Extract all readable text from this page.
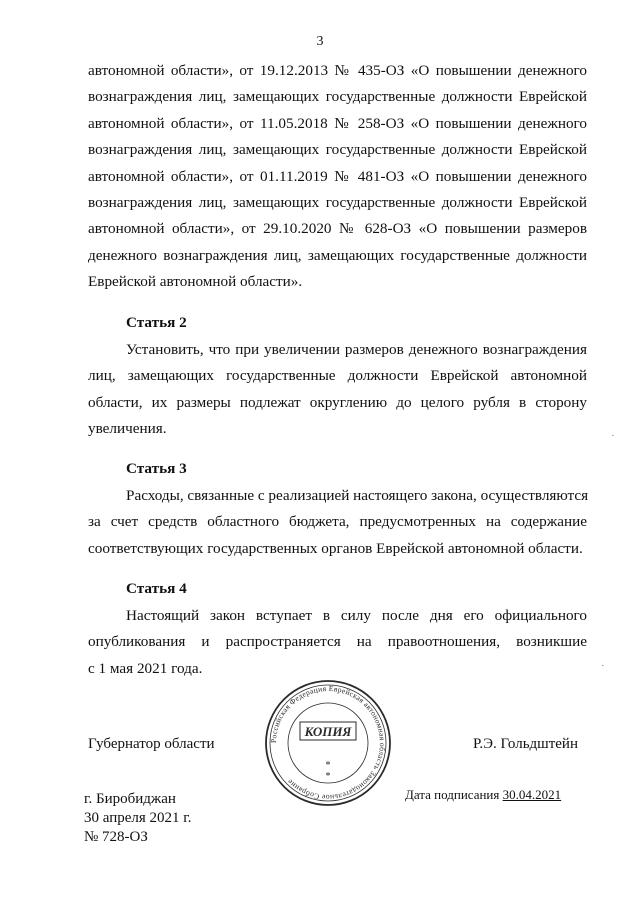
3
автономной области», от 19.12.2013 № 435-ОЗ «О повышении денежного
вознаграждения лиц, замещающих государственные должности Еврейской
автономной области», от 11.05.2018 № 258-ОЗ «О повышении денежного
вознаграждения лиц, замещающих государственные должности Еврейской
автономной области», от 01.11.2019 № 481-ОЗ «О повышении денежного
вознаграждения лиц, замещающих государственные должности Еврейской
автономной области», от 29.10.2020 № 628-ОЗ «О повышении размеров
денежного вознаграждения лиц, замещающих государственные должности
Еврейской автономной области».

Статья 2

Установить, что при увеличении размеров денежного вознаграждения
лиц, замещающих государственные должности Еврейской автономной
области, их размеры подлежат округлению до целого рубля в сторону
увеличения.

Статья 3

Расходы, связанные с реализацией настоящего закона, осуществляются
за счет средств областного бюджета, предусмотренных на содержание
соответствующих государственных органов Еврейской автономной области.

Статья 4

Настоящий закон вступает в силу после дня его официального
опубликования и распространяется на правоотношения, возникшие
с 1 мая 2021 года.
Губернатор области	Р.Э. Гольдштейн
Российская Федерация Еврейская автономная область Законодательное Собрание
КОПИЯ
*
*
г. Биробиджан
30 апреля 2021 г.
№ 728-ОЗ
Дата подписания 30.04.2021
·
·
